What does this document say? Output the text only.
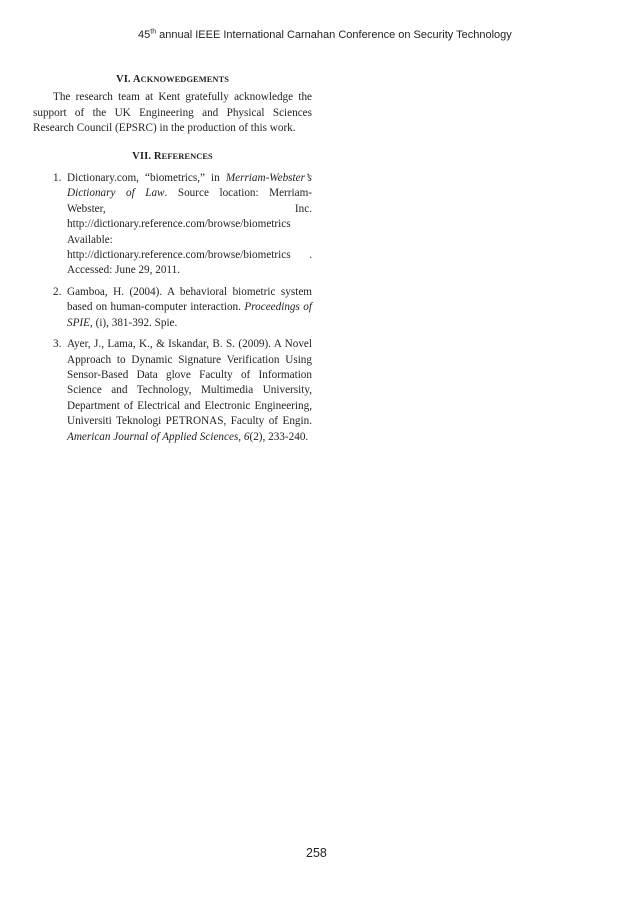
45th annual IEEE International Carnahan Conference on Security Technology
VI. ACKNOWEDGEMENTS

The research team at Kent gratefully acknowledge the support of the UK Engineering and Physical Sciences Research Council (EPSRC) in the production of this work.

VII. REFERENCES
1 . Dictionary.com, “biometrics,” in Merriam-Webster’s Dictionary of Law. Source location: Merriam-Webster, Inc. http://dictionary.reference.com/browse/biometrics Available: http://dictionary.reference.com/browse/biometrics . Accessed: June 29, 2011.
2 . Gamboa, H. (2004). A behavioral biometric system based on human-computer interaction. Proceedings of SPIE, (i), 381-392. Spie.
3 . Ayer, J., Lama, K., & Iskandar, B. S. (2009). A Novel Approach to Dynamic Signature Verification Using Sensor-Based Data glove Faculty of Information Science and Technology, Multimedia University, Department of Electrical and Electronic Engineering, Universiti Teknologi PETRONAS, Faculty of Engin. American Journal of Applied Sciences, 6(2), 233-240.
258
